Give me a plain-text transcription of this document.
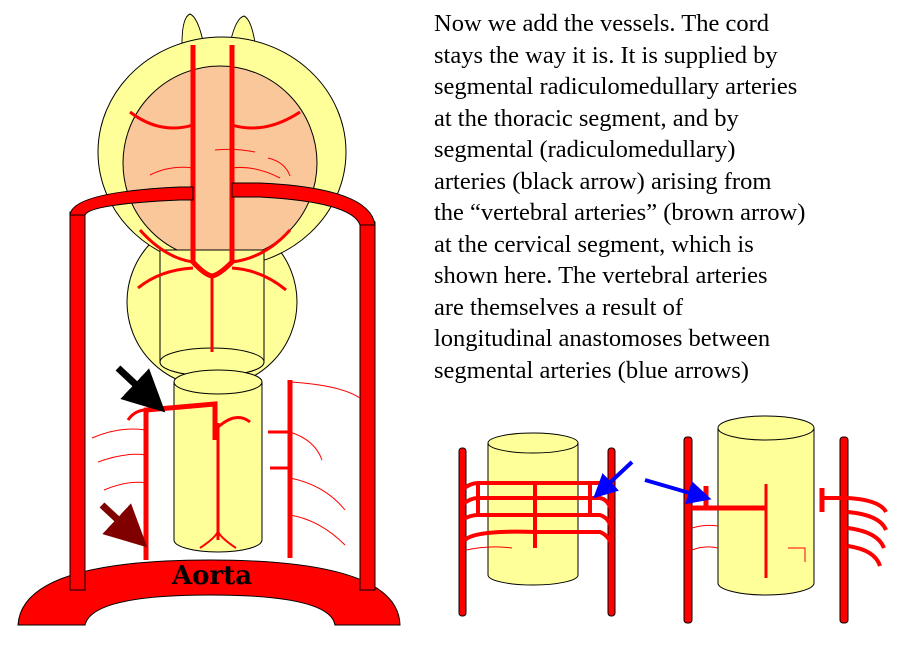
Aorta
Now we add the vessels. The cord
stays the way it is. It is supplied by
segmental radiculomedullary arteries
at the thoracic segment, and by
segmental (radiculomedullary)
arteries (black arrow) arising from
the “vertebral arteries” (brown arrow)
at the cervical segment, which is
shown here. The vertebral arteries
are themselves a result of
longitudinal anastomoses between
segmental arteries (blue arrows)
